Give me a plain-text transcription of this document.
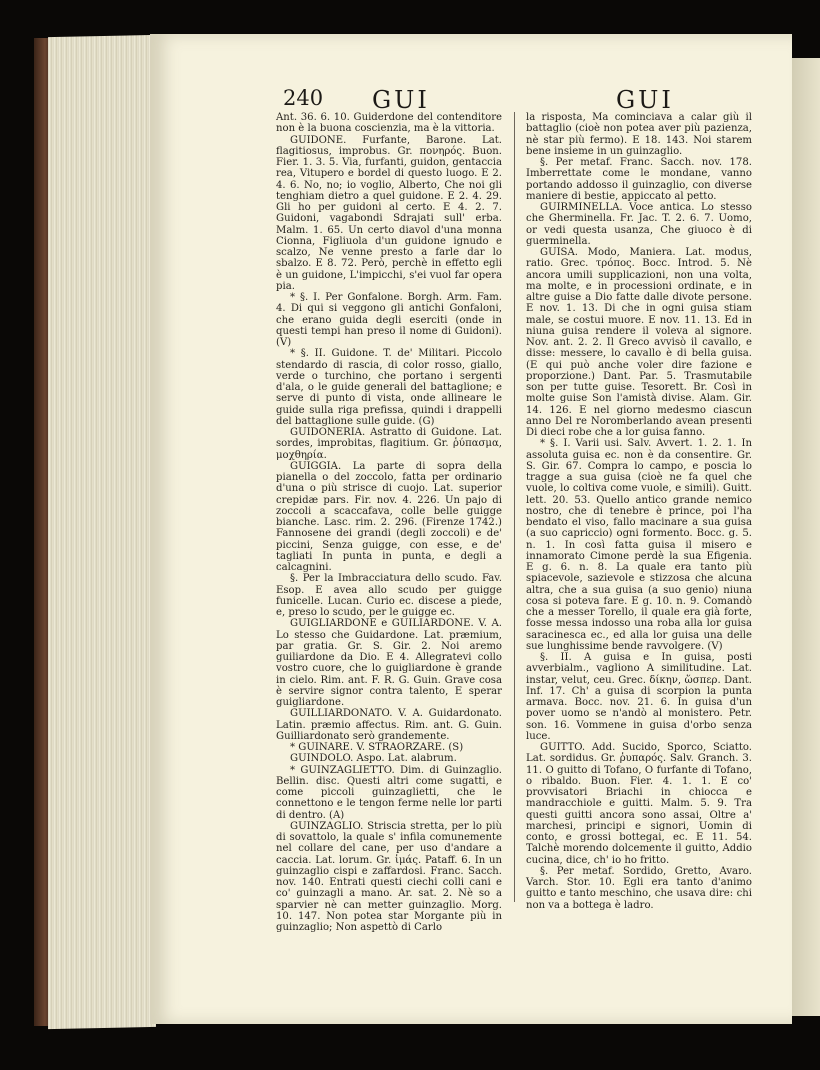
240 GUI	GUI

Ant. 36. 6. 10. Guiderdone del contenditore non è la buona coscienzia, ma è la vittoria.

GUIDONE. Furfante, Barone. Lat. flagitiosus, improbus. Gr. πονηρός. Buon. Fier. 1. 3. 5. Via, furfanti, guidon, gentaccia rea, Vitupero e bordel di questo luogo. E 2. 4. 6. No, no; io voglio, Alberto, Che noi gli tenghiam dietro a quel guidone. E 2. 4. 29. Gli ho per guidoni al certo. E 4. 2. 7. Guidoni, vagabondi Sdrajati sull' erba. Malm. 1. 65. Un certo diavol d'una monna Cionna, Figliuola d'un guidone ignudo e scalzo, Ne venne presto a farle dar lo sbalzo. E 8. 72. Però, perchè in effetto egli è un guidone, L'impicchi, s'ei vuol far opera pia.

* §. I. Per Gonfalone. Borgh. Arm. Fam. 4. Di qui si veggono gli antichi Gonfaloni, che erano guida degli eserciti (onde in questi tempi han preso il nome di Guidoni). (V)

* §. II. Guidone. T. de' Militari. Piccolo stendardo di rascia, di color rosso, giallo, verde o turchino, che portano i sergenti d'ala, o le guide generali del battaglione; e serve di punto di vista, onde allineare le guide sulla riga prefissa, quindi i drappelli del battaglione sulle guide. (G)

GUIDONERIA. Astratto di Guidone. Lat. sordes, improbitas, flagitium. Gr. ῥύπασμα, μοχθηρία.

GUIGGIA. La parte di sopra della pianella o del zoccolo, fatta per ordinario d'una o più strisce di cuojo. Lat. superior crepidæ pars. Fir. nov. 4. 226. Un pajo di zoccoli a scaccafava, colle belle guigge bianche. Lasc. rim. 2. 296. (Firenze 1742.) Fannosene dei grandi (degli zoccoli) e de' piccini, Senza guigge, con esse, e de' tagliati In punta in punta, e degli a calcagnini.

§. Per la Imbracciatura dello scudo. Fav. Esop. E avea allo scudo per guigge funicelle. Lucan. Curio ec. discese a piede, e, preso lo scudo, per le guigge ec.

GUIGLIARDONE e GUILIARDONE. V. A. Lo stesso che Guidardone. Lat. præmium, par gratia. Gr. S. Gir. 2. Noi aremo guiliardone da Dio. E 4. Allegratevi collo vostro cuore, che lo guigliardone è grande in cielo. Rim. ant. F. R. G. Guin. Grave cosa è servire signor contra talento, E sperar guigliardone.

GUILLIARDONATO. V. A. Guidardonato. Latin. præmio affectus. Rim. ant. G. Guin. Guilliardonato serò grandemente.

* GUINARE. V. STRAORZARE. (S)

GUINDOLO. Aspo. Lat. alabrum.

* GUINZAGLIETTO. Dim. di Guinzaglio. Bellin. disc. Questi altri come sugatti, e come piccoli guinzaglietti, che le connettono e le tengon ferme nelle lor parti di dentro. (A)

GUINZAGLIO. Striscia stretta, per lo più di sovattolo, la quale s' infila comunemente nel collare del cane, per uso d'andare a caccia. Lat. lorum. Gr. ἱμάς. Pataff. 6. In un guinzaglio cispi e zaffardosi. Franc. Sacch. nov. 140. Entrati questi ciechi colli cani e co' guinzagli a mano. Ar. sat. 2. Nè so a sparvier nè can metter guinzaglio. Morg. 10. 147. Non potea star Morgante più in guinzaglio; Non aspettò di Carlo

la risposta, Ma cominciava a calar giù il battaglio (cioè non potea aver più pazienza, nè star più fermo). E 18. 143. Noi starem bene insieme in un guinzaglio.

§. Per metaf. Franc. Sacch. nov. 178. Imberrettate come le mondane, vanno portando addosso il guinzaglio, con diverse maniere di bestie, appiccato al petto.

GUIRMINELLA. Voce antica. Lo stesso che Gherminella. Fr. Jac. T. 2. 6. 7. Uomo, or vedi questa usanza, Che giuoco è di guerminella.

GUISA. Modo, Maniera. Lat. modus, ratio. Grec. τρόπος. Bocc. Introd. 5. Nè ancora umili supplicazioni, non una volta, ma molte, e in processioni ordinate, e in altre guise a Dio fatte dalle divote persone. E nov. 1. 13. Di che in ogni guisa stiam male, se costui muore. E nov. 11. 13. Ed in niuna guisa rendere il voleva al signore. Nov. ant. 2. 2. Il Greco avvisò il cavallo, e disse: messere, lo cavallo è di bella guisa. (E qui può anche voler dire fazione e proporzione.) Dant. Par. 5. Trasmutabile son per tutte guise. Tesorett. Br. Così in molte guise Son l'amistà divise. Alam. Gir. 14. 126. E nel giorno medesmo ciascun anno Del re Noromberlando avean presenti Di dieci robe che a lor guisa fanno.

* §. I. Varii usi. Salv. Avvert. 1. 2. 1. In assoluta guisa ec. non è da consentire. Gr. S. Gir. 67. Compra lo campo, e poscia lo tragge a sua guisa (cioè ne fa quel che vuole, lo coltiva come vuole, e simili). Guitt. lett. 20. 53. Quello antico grande nemico nostro, che di tenebre è prince, poi l'ha bendato el viso, fallo macinare a sua guisa (a suo capriccio) ogni formento. Bocc. g. 5. n. 1. In così fatta guisa il misero e innamorato Cimone perdè la sua Efigenia. E g. 6. n. 8. La quale era tanto più spiacevole, sazievole e stizzosa che alcuna altra, che a sua guisa (a suo genio) niuna cosa si poteva fare. E g. 10. n. 9. Comandò che a messer Torello, il quale era già forte, fosse messa indosso una roba alla lor guisa saracinesca ec., ed alla lor guisa una delle sue lunghissime bende ravvolgere. (V)

§. II. A guisa e In guisa, posti avverbialm., vagliono A similitudine. Lat. instar, velut, ceu. Grec. δίκην, ὥσπερ. Dant. Inf. 17. Ch' a guisa di scorpion la punta armava. Bocc. nov. 21. 6. In guisa d'un pover uomo se n'andò al monistero. Petr. son. 16. Vommene in guisa d'orbo senza luce.

GUITTO. Add. Sucido, Sporco, Sciatto. Lat. sordidus. Gr. ῥυπαρός. Salv. Granch. 3. 11. O guitto di Tofano, O furfante di Tofano, o ribaldo. Buon. Fier. 4. 1. 1. E co' provvisatori Briachi in chiocca e mandracchiole e guitti. Malm. 5. 9. Tra questi guitti ancora sono assai, Oltre a' marchesi, principi e signori, Uomin di conto, e grossi bottegai, ec. E 11. 54. Talchè morendo dolcemente il guitto, Addio cucina, dice, ch' io ho fritto.

§. Per metaf. Sordido, Gretto, Avaro. Varch. Stor. 10. Egli era tanto d'animo guitto e tanto meschino, che usava dire: chi non va a bottega è ladro.
